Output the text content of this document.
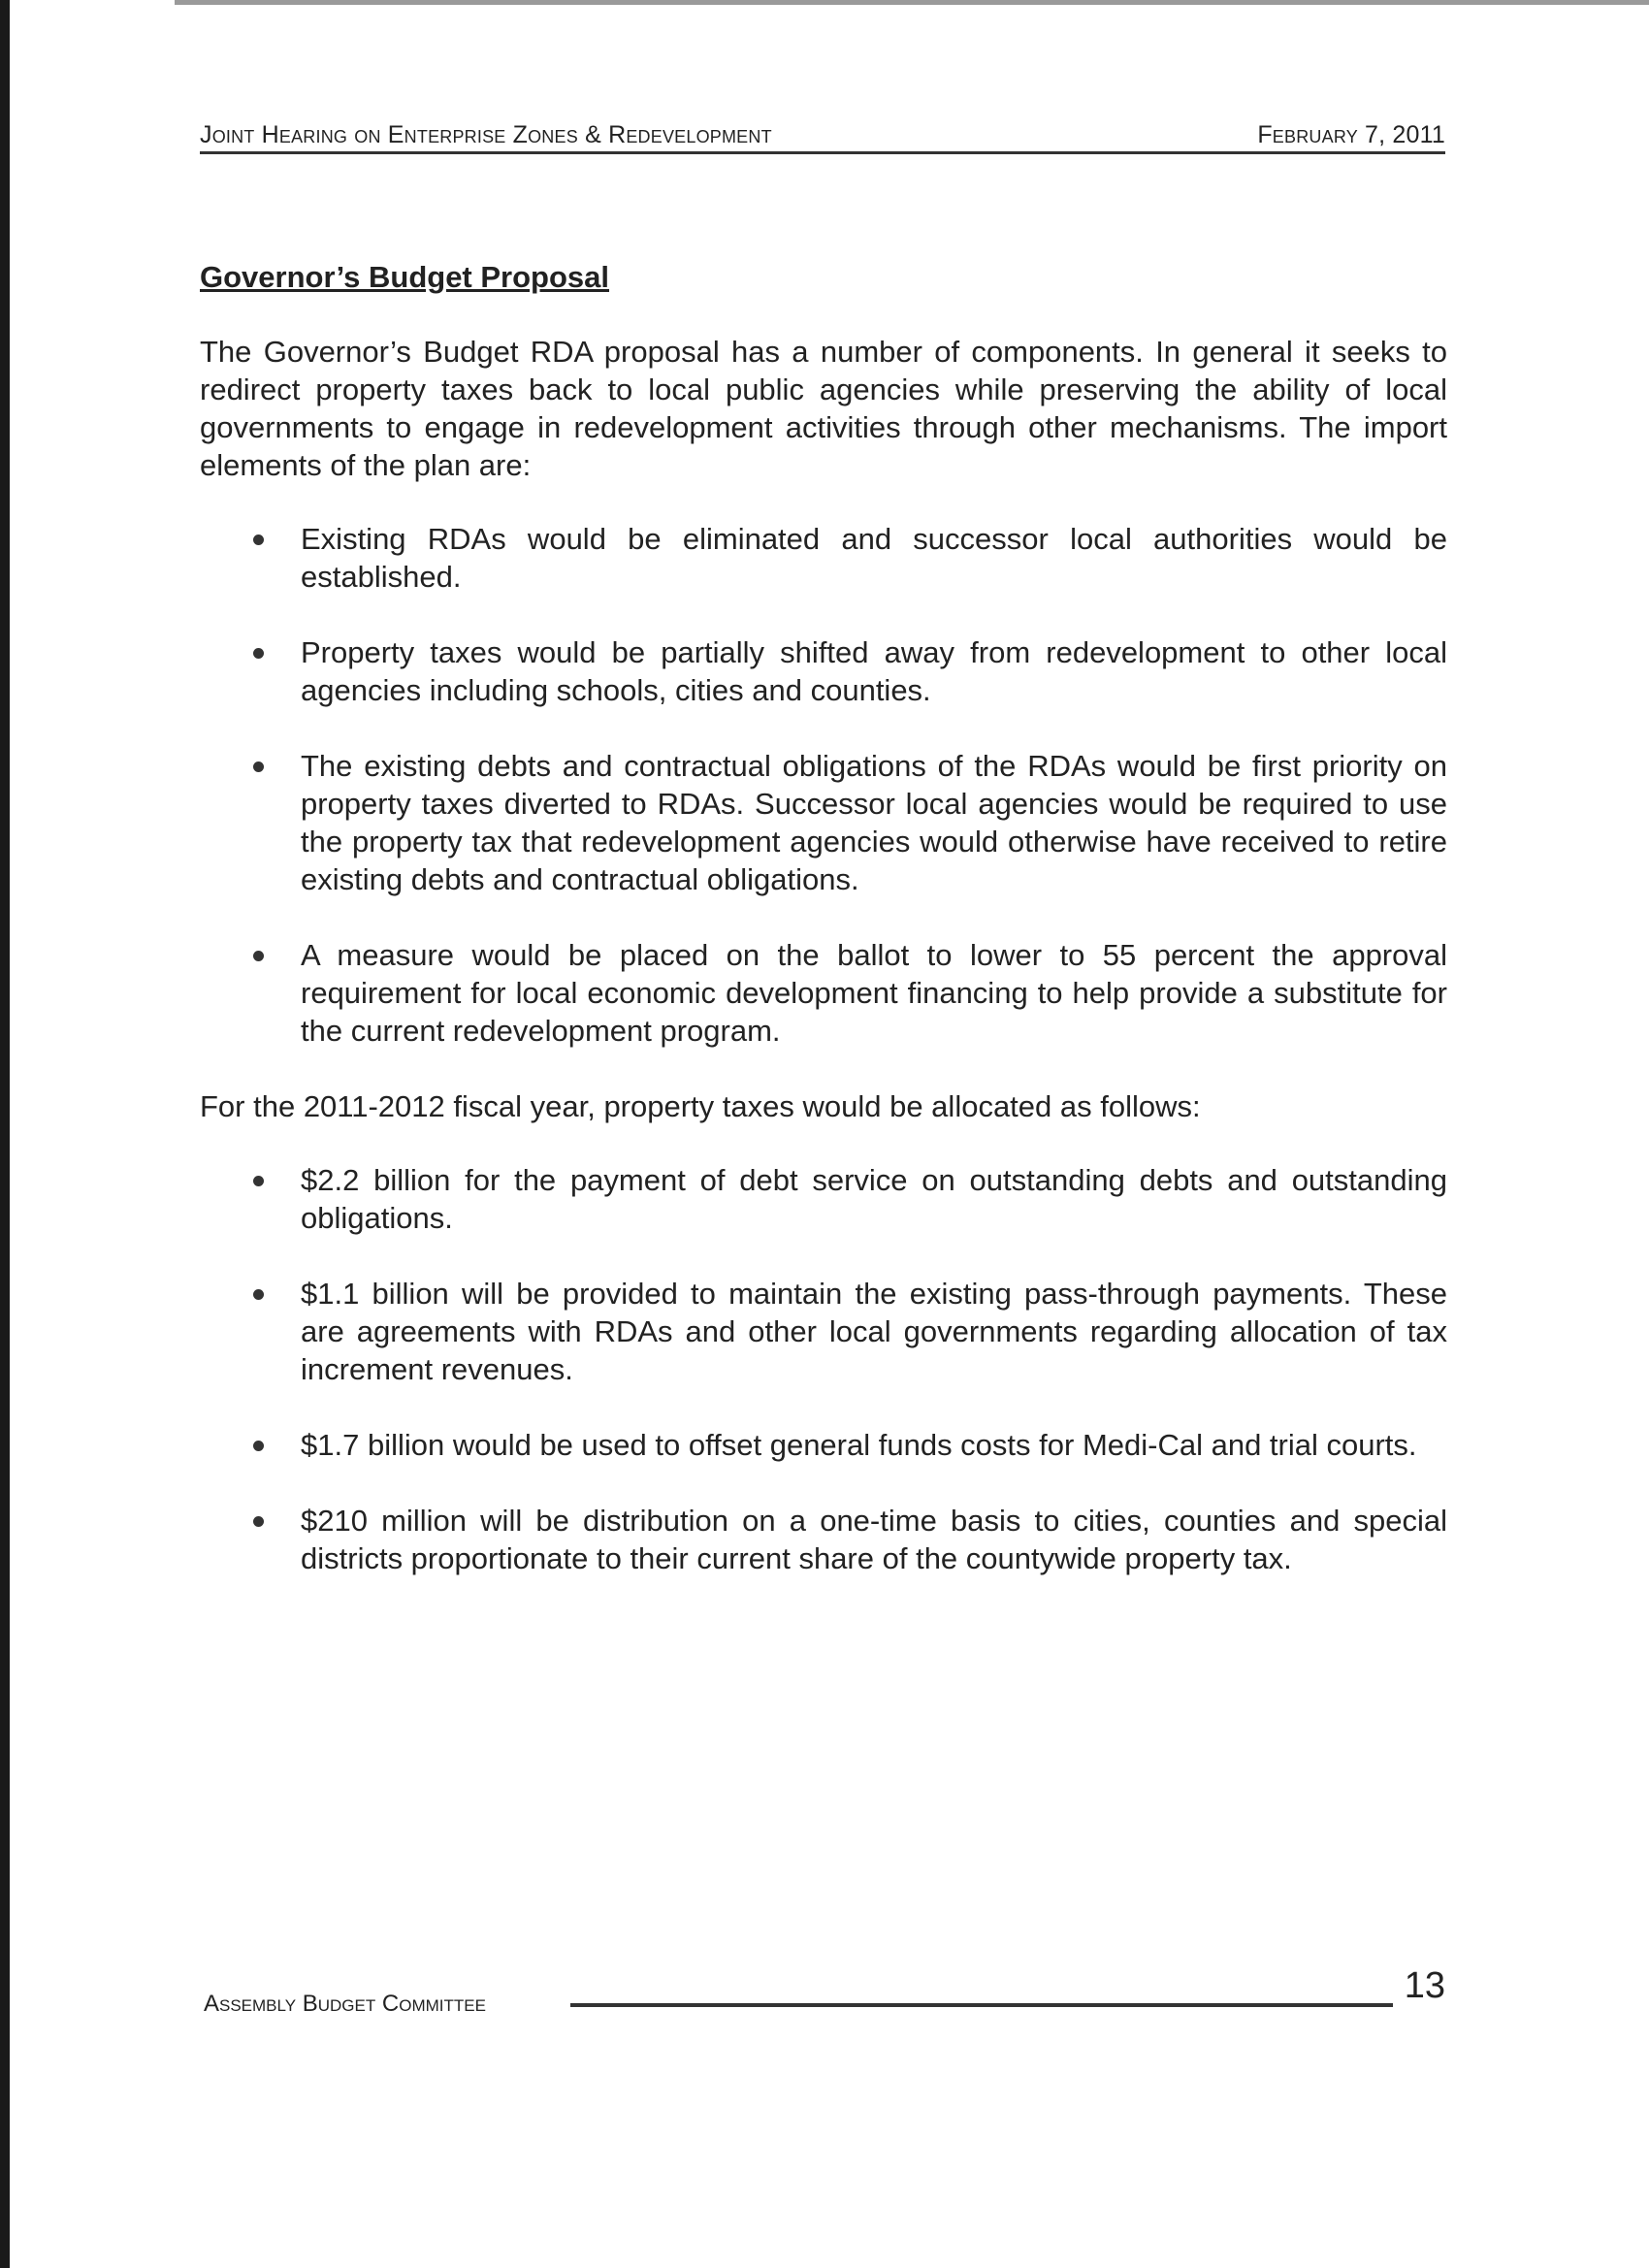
Joint Hearing on Enterprise Zones & Redevelopment	February 7, 2011
Governor’s Budget Proposal

The Governor’s Budget RDA proposal has a number of components. In general it seeks to redirect property taxes back to local public agencies while preserving the ability of local governments to engage in redevelopment activities through other mechanisms. The import elements of the plan are:

Existing RDAs would be eliminated and successor local authorities would be established.
Property taxes would be partially shifted away from redevelopment to other local agencies including schools, cities and counties.
The existing debts and contractual obligations of the RDAs would be first priority on property taxes diverted to RDAs. Successor local agencies would be required to use the property tax that redevelopment agencies would otherwise have received to retire existing debts and contractual obligations.
A measure would be placed on the ballot to lower to 55 percent the approval requirement for local economic development financing to help provide a substitute for the current redevelopment program.

For the 2011-2012 fiscal year, property taxes would be allocated as follows:

$2.2 billion for the payment of debt service on outstanding debts and outstanding obligations.
$1.1 billion will be provided to maintain the existing pass-through payments. These are agreements with RDAs and other local governments regarding allocation of tax increment revenues.
$1.7 billion would be used to offset general funds costs for Medi-Cal and trial courts.
$210 million will be distribution on a one-time basis to cities, counties and special districts proportionate to their current share of the countywide property tax.
Assembly Budget Committee	13
